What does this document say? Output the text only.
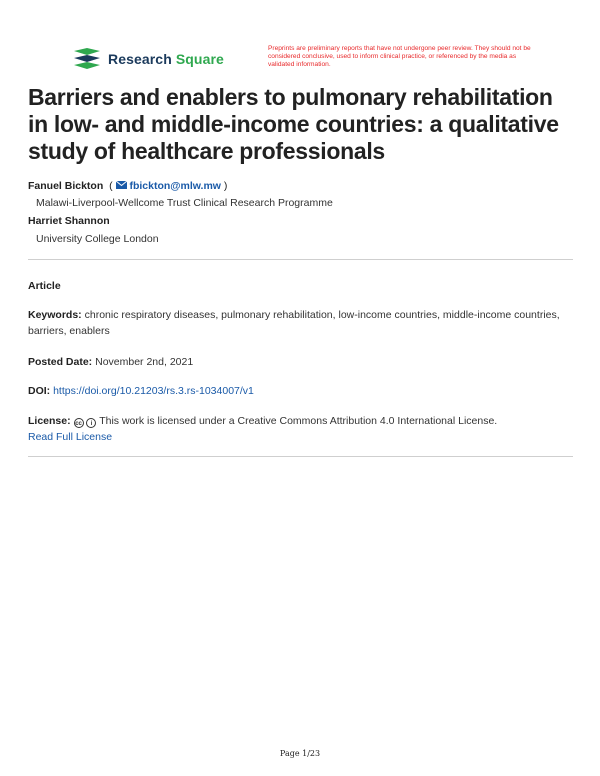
Research Square
Preprints are preliminary reports that have not undergone peer review. They should not be considered conclusive, used to inform clinical practice, or referenced by the media as validated information.
Barriers and enablers to pulmonary rehabilitation in low- and middle-income countries: a qualitative study of healthcare professionals
Fanuel Bickton  ( fbickton@mlw.mw )
Malawi-Liverpool-Wellcome Trust Clinical Research Programme
Harriet Shannon
University College London
Article
Keywords: chronic respiratory diseases, pulmonary rehabilitation, low-income countries, middle-income countries, barriers, enablers
Posted Date: November 2nd, 2021
DOI: https://doi.org/10.21203/rs.3.rs-1034007/v1
License: cc i This work is licensed under a Creative Commons Attribution 4.0 International License.
Read Full License
Page 1/23
